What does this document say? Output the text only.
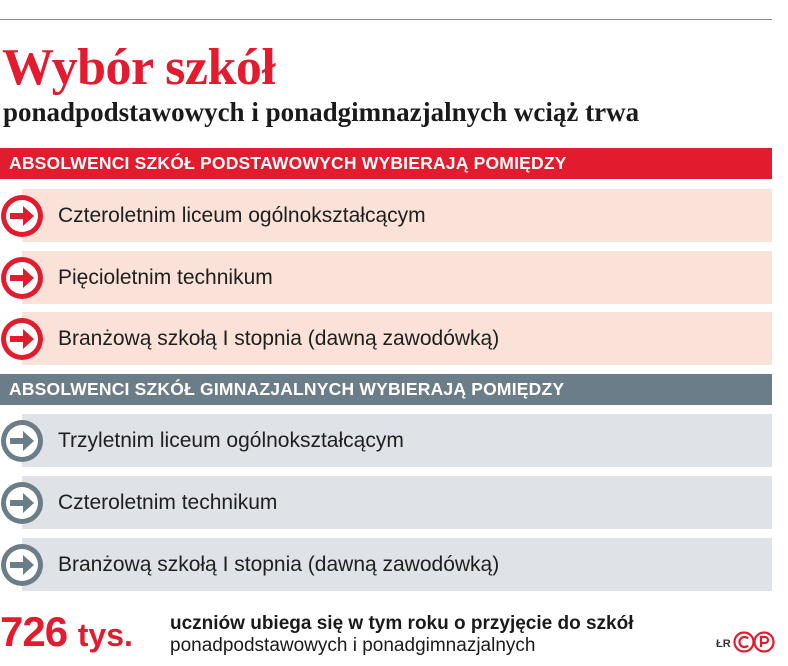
Wybór szkół
ponadpodstawowych i ponadgimnazjalnych wciąż trwa
ABSOLWENCI SZKÓŁ PODSTAWOWYCH WYBIERAJĄ POMIĘDZY
Czteroletnim liceum ogólnokształcącym
Pięcioletnim technikum
Branżową szkołą I stopnia (dawną zawodówką)
ABSOLWENCI SZKÓŁ GIMNAZJALNYCH WYBIERAJĄ POMIĘDZY
Trzyletnim liceum ogólnokształcącym
Czteroletnim technikum
Branżową szkołą I stopnia (dawną zawodówką)
726 tys. uczniów ubiega się w tym roku o przyjęcie do szkół
ponadpodstawowych i ponadgimnazjalnych	ŁR
